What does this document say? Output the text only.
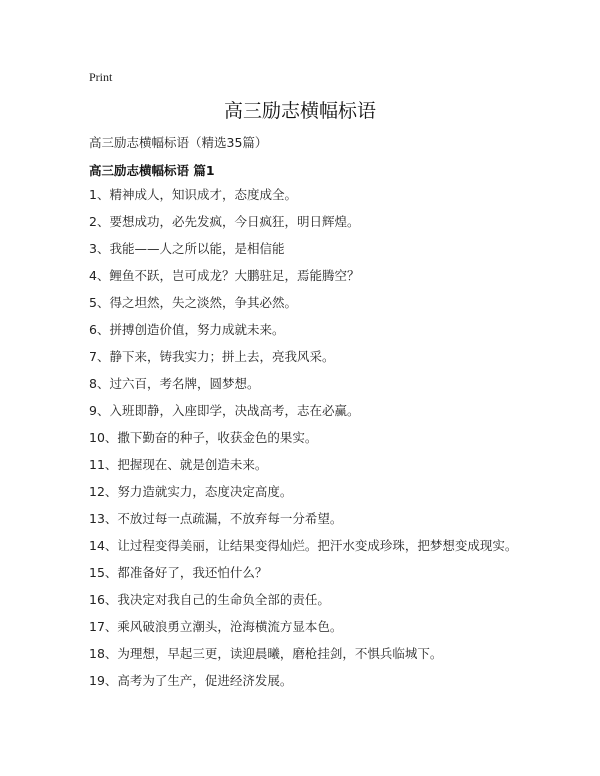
Print
高三励志横幅标语
高三励志横幅标语（精选35篇）
高三励志横幅标语 篇1
1、精神成人，知识成才，态度成全。
2、要想成功，必先发疯，今日疯狂，明日辉煌。
3、我能——人之所以能，是相信能
4、鲤鱼不跃，岂可成龙？大鹏驻足，焉能腾空？
5、得之坦然，失之淡然，争其必然。
6、拼搏创造价值，努力成就未来。
7、静下来，铸我实力；拼上去，亮我风采。
8、过六百，考名牌，圆梦想。
9、入班即静，入座即学，决战高考，志在必赢。
10、撒下勤奋的种子，收获金色的果实。
11、把握现在、就是创造未来。
12、努力造就实力，态度决定高度。
13、不放过每一点疏漏，不放弃每一分希望。
14、让过程变得美丽，让结果变得灿烂。把汗水变成珍珠，把梦想变成现实。
15、都准备好了，我还怕什么？
16、我决定对我自己的生命负全部的责任。
17、乘风破浪勇立潮头，沧海横流方显本色。
18、为理想，早起三更，读迎晨曦，磨枪挂剑，不惧兵临城下。
19、高考为了生产，促进经济发展。
